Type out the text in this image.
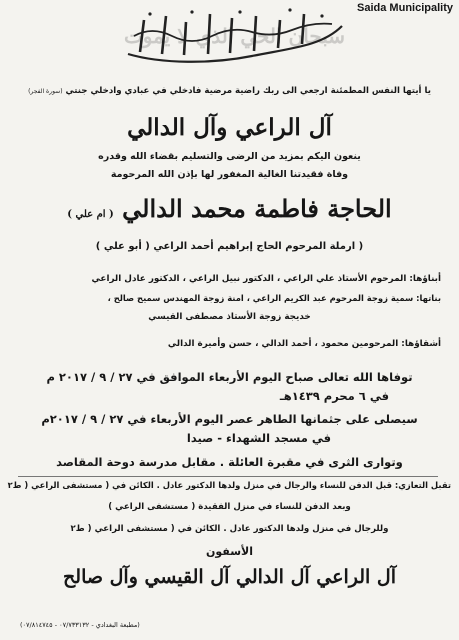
Saida Municipality
سبحان الحي الذي لا يموت
يا أيتها النفس المطمئنة ارجعي الى ربك راضية مرضية فادخلي في عبادي وادخلي جنتي (سورة الفجر)
آل الراعي وآل الدالي
ينعون اليكم بمزيد من الرضى والتسليم بقضاء الله وقدره
وفاة فقيدتنا الغالية المغفور لها بإذن الله المرحومة
الحاجة فاطمة محمد الدالي ( ام علي )
( ارملة المرحوم الحاج إبراهيم أحمد الراعي ( أبو علي )
أبناؤها: المرحوم الأستاذ علي الراعي ، الدكتور نبيل الراعي ، الدكتور عادل الراعي
بناتها: سمية زوجة المرحوم عبد الكريم الراعي ، امنة زوجة المهندس سميح صالح ،
خديجة زوجة الأستاذ مصطفى القيسي
أشقاؤها: المرحومين محمود ، أحمد الدالي ، حسن وأميرة الدالي
توفاها الله تعالى صباح اليوم الأربعاء الموافق في ٢٧ / ٩ / ٢٠١٧ م
في ٦ محرم ١٤٣٩هـ
سيصلى على جثمانها الطاهر عصر اليوم الأربعاء في ٢٧ / ٩ / ٢٠١٧م
في مسجد الشهداء - صيدا
وتوارى الثرى في مقبرة العائلة . مقابل مدرسة دوحة المقاصد
تقبل التعازي: قبل الدفن للنساء والرجال في منزل ولدها الدكتور عادل . الكائن في ( مستشفى الراعي ( ط٢
وبعد الدفن للنساء في منزل الفقيدة ( مستشفى الراعي )
وللرجال في منزل ولدها الدكتور عادل . الكائن في ( مستشفى الراعي ( ط٢
الأسفون
آل الراعي آل الدالي آل القيسي وآل صالح
(مطبعة البغدادي - ٠٧/٧٣٣١٣٢ - ٠٧/٨١٤٧٤٥)
